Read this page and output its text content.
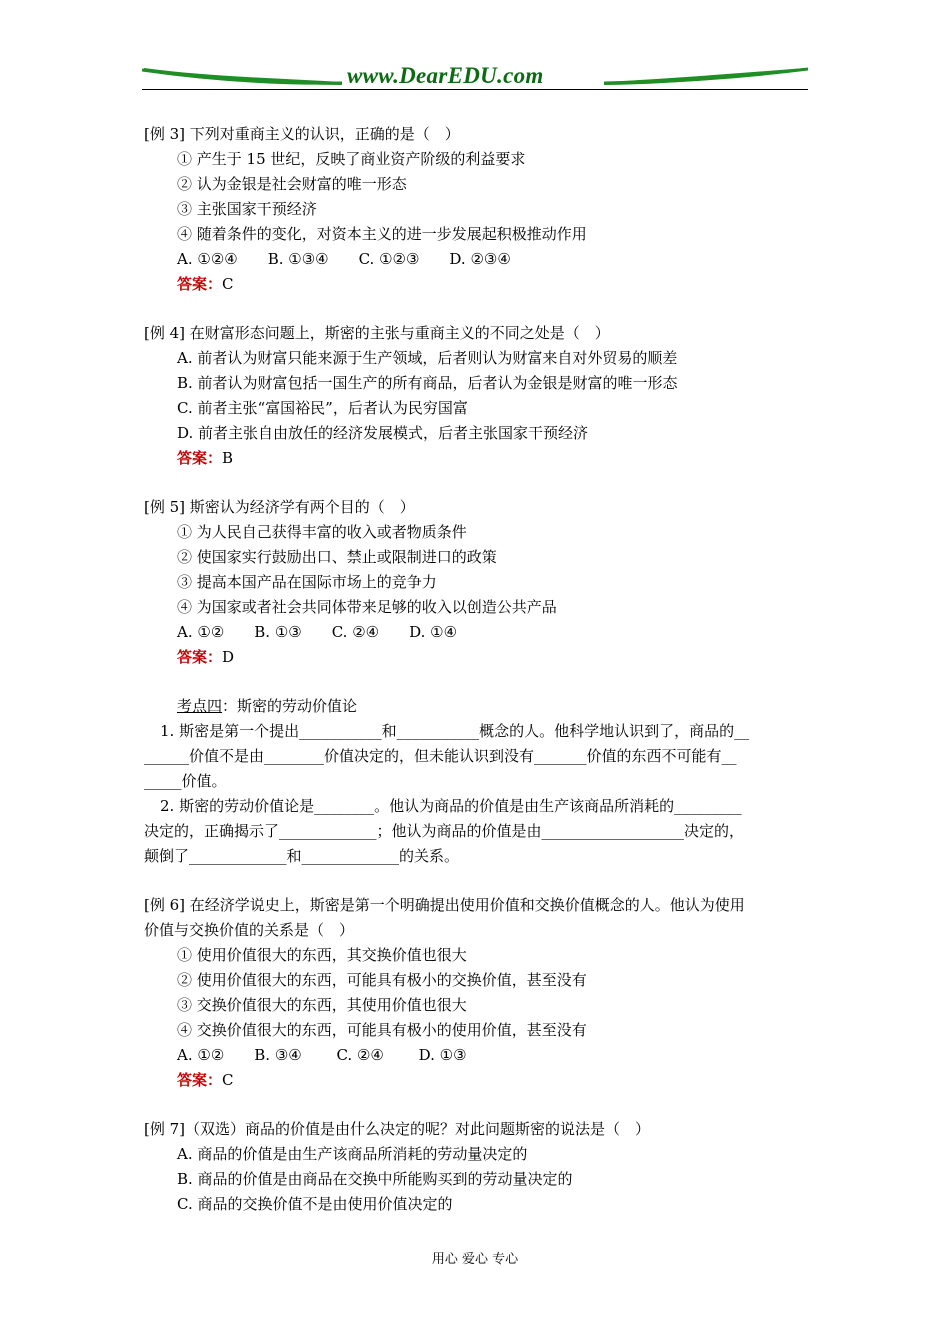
www.DearEDU.com
[例 3] 下列对重商主义的认识，正确的是（　）
① 产生于 15 世纪，反映了商业资产阶级的利益要求
② 认为金银是社会财富的唯一形态
③ 主张国家干预经济
④ 随着条件的变化，对资本主义的进一步发展起积极推动作用
A. ①②④　　B. ①③④　　C. ①②③　　D. ②③④
答案：C
[例 4] 在财富形态问题上，斯密的主张与重商主义的不同之处是（　）
A. 前者认为财富只能来源于生产领域，后者则认为财富来自对外贸易的顺差
B. 前者认为财富包括一国生产的所有商品，后者认为金银是财富的唯一形态
C. 前者主张“富国裕民”，后者认为民穷国富
D. 前者主张自由放任的经济发展模式，后者主张国家干预经济
答案：B
[例 5] 斯密认为经济学有两个目的（　）
① 为人民自己获得丰富的收入或者物质条件
② 使国家实行鼓励出口、禁止或限制进口的政策
③ 提高本国产品在国际市场上的竞争力
④ 为国家或者社会共同体带来足够的收入以创造公共产品
A. ①②　　B. ①③　　C. ②④　　D. ①④
答案：D
考点四：斯密的劳动价值论
1. 斯密是第一个提出___________和___________概念的人。他科学地认识到了，商品的__
______价值不是由________价值决定的，但未能认识到没有_______价值的东西不可能有__
_____价值。
2. 斯密的劳动价值论是________。他认为商品的价值是由生产该商品所消耗的_________
决定的，正确揭示了_____________；他认为商品的价值是由___________________决定的，
颠倒了_____________和_____________的关系。
[例 6] 在经济学说史上，斯密是第一个明确提出使用价值和交换价值概念的人。他认为使用
价值与交换价值的关系是（　）
① 使用价值很大的东西，其交换价值也很大
② 使用价值很大的东西，可能具有极小的交换价值，甚至没有
③ 交换价值很大的东西，其使用价值也很大
④ 交换价值很大的东西，可能具有极小的使用价值，甚至没有
A. ①②　　B. ③④　　 C. ②④　　 D. ①③
答案：C
[例 7]（双选）商品的价值是由什么决定的呢？对此问题斯密的说法是（　）
A. 商品的价值是由生产该商品所消耗的劳动量决定的
B. 商品的价值是由商品在交换中所能购买到的劳动量决定的
C. 商品的交换价值不是由使用价值决定的
用心 爱心 专心
